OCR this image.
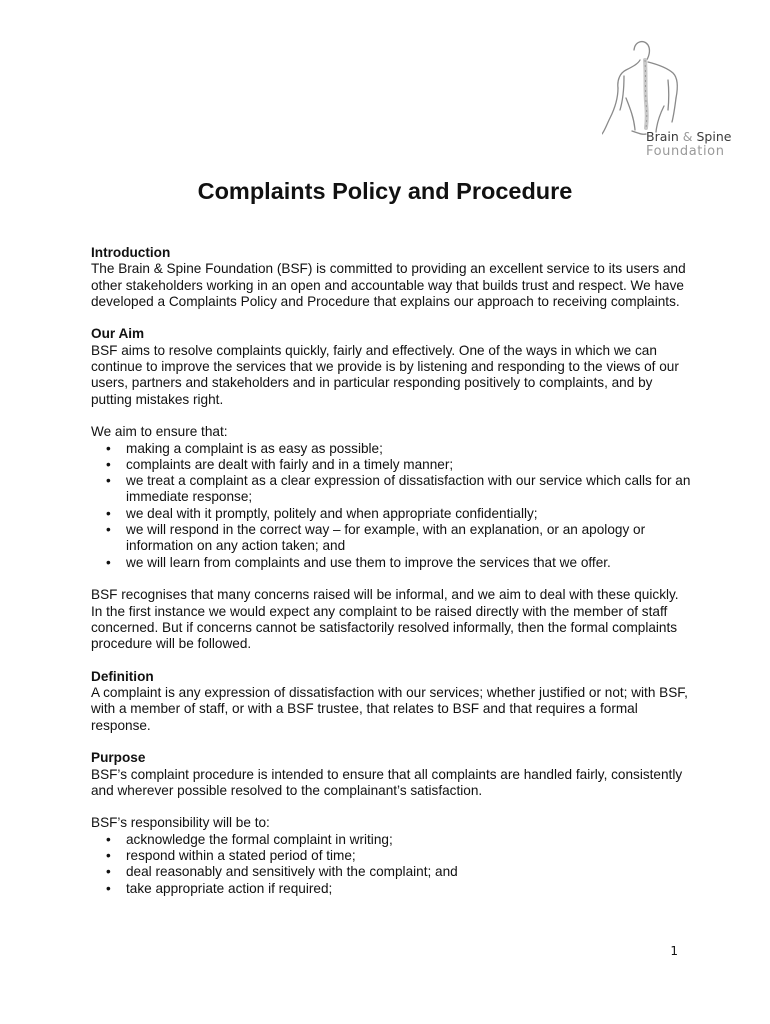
Brain & Spine
Foundation
Complaints Policy and Procedure

Introduction

The Brain & Spine Foundation (BSF) is committed to providing an excellent service to its users and other stakeholders working in an open and accountable way that builds trust and respect. We have developed a Complaints Policy and Procedure that explains our approach to receiving complaints.

Our Aim

BSF aims to resolve complaints quickly, fairly and effectively. One of the ways in which we can continue to improve the services that we provide is by listening and responding to the views of our users, partners and stakeholders and in particular responding positively to complaints, and by putting mistakes right.

We aim to ensure that:

• making a complaint is as easy as possible;
• complaints are dealt with fairly and in a timely manner;
• we treat a complaint as a clear expression of dissatisfaction with our service which calls for an immediate response;
• we deal with it promptly, politely and when appropriate confidentially;
• we will respond in the correct way – for example, with an explanation, or an apology or information on any action taken; and
• we will learn from complaints and use them to improve the services that we offer.

BSF recognises that many concerns raised will be informal, and we aim to deal with these quickly. In the first instance we would expect any complaint to be raised directly with the member of staff concerned. But if concerns cannot be satisfactorily resolved informally, then the formal complaints procedure will be followed.

Definition

A complaint is any expression of dissatisfaction with our services; whether justified or not; with BSF, with a member of staff, or with a BSF trustee, that relates to BSF and that requires a formal response.

Purpose

BSF’s complaint procedure is intended to ensure that all complaints are handled fairly, consistently and wherever possible resolved to the complainant’s satisfaction.

BSF’s responsibility will be to:

• acknowledge the formal complaint in writing;
• respond within a stated period of time;
• deal reasonably and sensitively with the complaint; and
• take appropriate action if required;
1
